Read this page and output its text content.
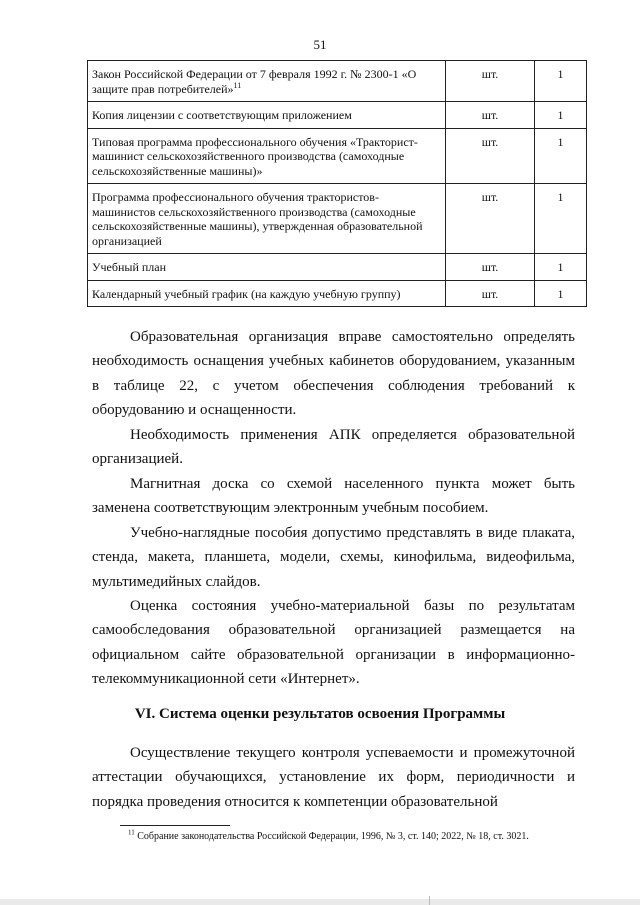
51
Закон Российской Федерации от 7 февраля 1992 г. № 2300-1 «О защите прав потребителей»$^{11}$	шт.	1
Копия лицензии с соответствующим приложением	шт.	1
Типовая программа профессионального обучения «Тракторист-машинист сельскохозяйственного производства (самоходные сельскохозяйственные машины)»	шт.	1
Программа профессионального обучения трактористов-машинистов сельскохозяйственного производства (самоходные сельскохозяйственные машины), утвержденная образовательной организацией	шт.	1
Учебный план	шт.	1
Календарный учебный график (на каждую учебную группу)	шт.	1

Образовательная организация вправе самостоятельно определять необходимость оснащения учебных кабинетов оборудованием, указанным в таблице 22, с учетом обеспечения соблюдения требований к оборудованию и оснащенности.

Необходимость применения АПК определяется образовательной организацией.

Магнитная доска со схемой населенного пункта может быть заменена соответствующим электронным учебным пособием.

Учебно-наглядные пособия допустимо представлять в виде плаката, стенда, макета, планшета, модели, схемы, кинофильма, видеофильма, мультимедийных слайдов.

Оценка состояния учебно-материальной базы по результатам самообследования образовательной организацией размещается на официальном сайте образовательной организации в информационно-телекоммуникационной сети «Интернет».

VI. Система оценки результатов освоения Программы

Осуществление текущего контроля успеваемости и промежуточной аттестации обучающихся, установление их форм, периодичности и порядка проведения относится к компетенции образовательной

$^{11}$ Собрание законодательства Российской Федерации, 1996, № 3, ст. 140; 2022, № 18, ст. 3021.
